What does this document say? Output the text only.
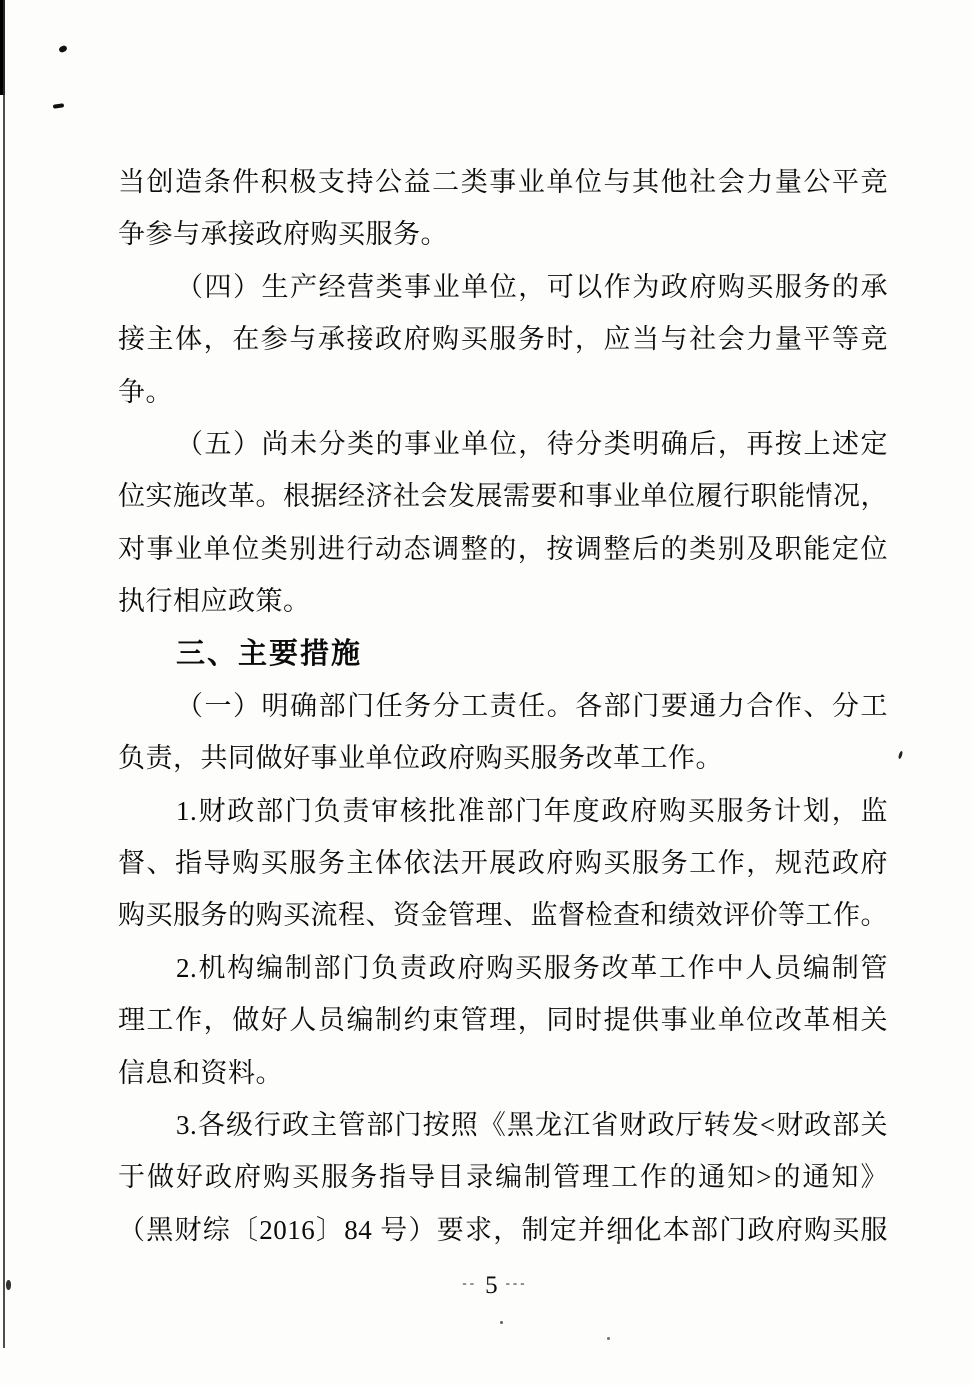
当创造条件积极支持公益二类事业单位与其他社会力量公平竞
争参与承接政府购买服务。
（四）生产经营类事业单位，可以作为政府购买服务的承
接主体，在参与承接政府购买服务时，应当与社会力量平等竞
争。
（五）尚未分类的事业单位，待分类明确后，再按上述定
位实施改革。根据经济社会发展需要和事业单位履行职能情况，
对事业单位类别进行动态调整的，按调整后的类别及职能定位
执行相应政策。
三、主要措施
（一）明确部门任务分工责任。各部门要通力合作、分工
负责，共同做好事业单位政府购买服务改革工作。
1.财政部门负责审核批准部门年度政府购买服务计划，监
督、指导购买服务主体依法开展政府购买服务工作，规范政府
购买服务的购买流程、资金管理、监督检查和绩效评价等工作。
2.机构编制部门负责政府购买服务改革工作中人员编制管
理工作，做好人员编制约束管理，同时提供事业单位改革相关
信息和资料。
3.各级行政主管部门按照《黑龙江省财政厅转发<财政部关
于做好政府购买服务指导目录编制管理工作的通知>的通知》
（黑财综〔2016〕84 号）要求，制定并细化本部门政府购买服
-- 5 ---
